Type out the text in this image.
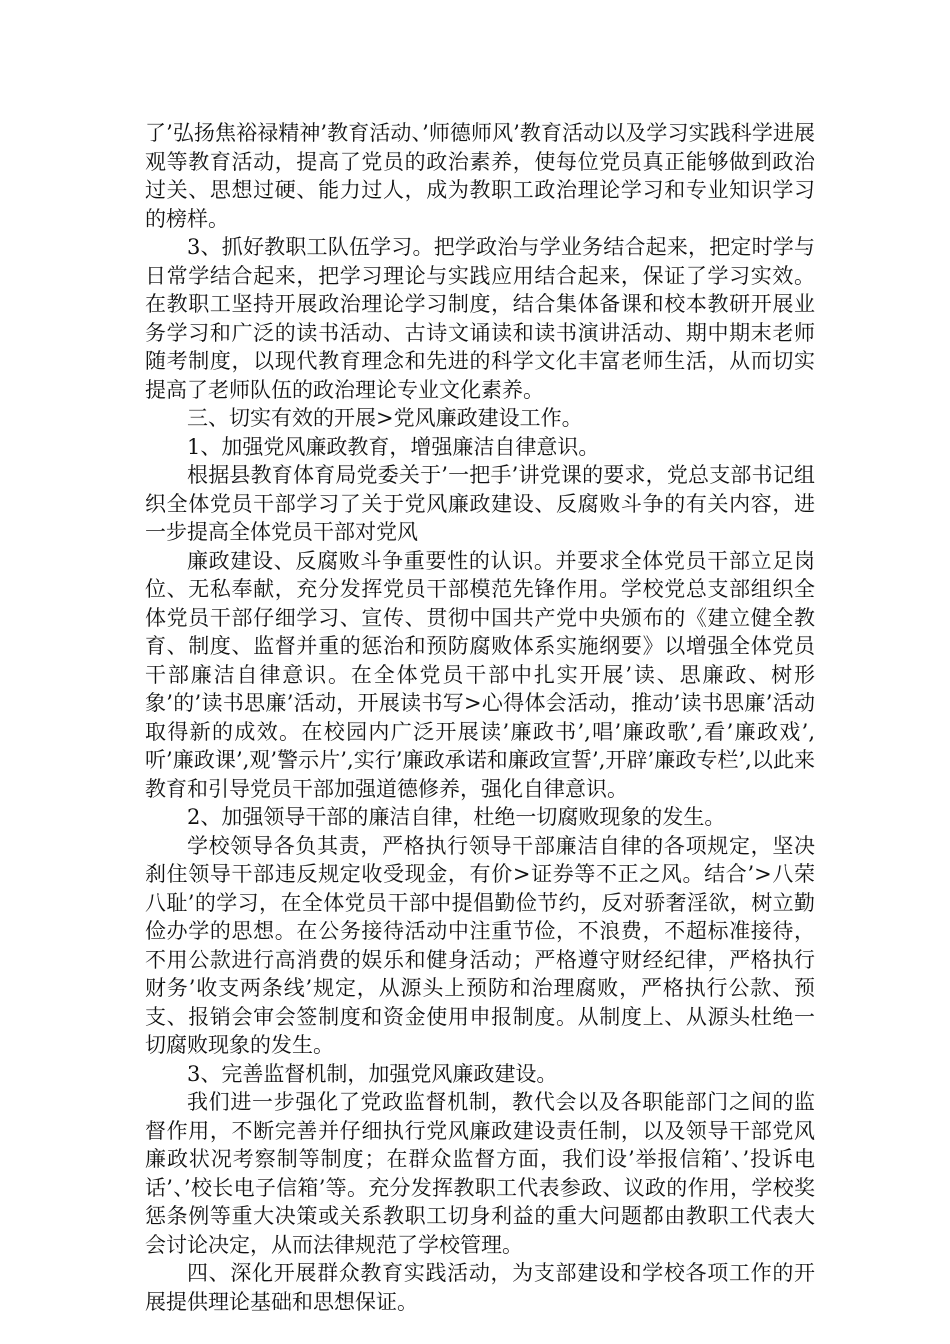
了’弘扬焦裕禄精神’教育活动、’师德师风’教育活动以及学习实践科学进展观等教育活动，提高了党员的政治素养，使每位党员真正能够做到政治过关、思想过硬、能力过人，成为教职工政治理论学习和专业知识学习的榜样。

3、抓好教职工队伍学习。把学政治与学业务结合起来，把定时学与日常学结合起来，把学习理论与实践应用结合起来，保证了学习实效。在教职工坚持开展政治理论学习制度，结合集体备课和校本教研开展业务学习和广泛的读书活动、古诗文诵读和读书演讲活动、期中期末老师随考制度，以现代教育理念和先进的科学文化丰富老师生活，从而切实提高了老师队伍的政治理论专业文化素养。

三、切实有效的开展>党风廉政建设工作。

1、加强党风廉政教育，增强廉洁自律意识。

根据县教育体育局党委关于’一把手’讲党课的要求，党总支部书记组织全体党员干部学习了关于党风廉政建设、反腐败斗争的有关内容，进一步提高全体党员干部对党风

廉政建设、反腐败斗争重要性的认识。并要求全体党员干部立足岗位、无私奉献，充分发挥党员干部模范先锋作用。学校党总支部组织全体党员干部仔细学习、宣传、贯彻中国共产党中央颁布的《建立健全教育、制度、监督并重的惩治和预防腐败体系实施纲要》以增强全体党员干部廉洁自律意识。在全体党员干部中扎实开展’读、思廉政、树形象’的’读书思廉’活动，开展读书写>心得体会活动，推动’读书思廉’活动取得新的成效。在校园内广泛开展读’廉政书’,唱’廉政歌’,看’廉政戏’,听’廉政课’,观’警示片’,实行’廉政承诺和廉政宣誓’,开辟’廉政专栏’,以此来教育和引导党员干部加强道德修养，强化自律意识。

2、加强领导干部的廉洁自律，杜绝一切腐败现象的发生。

学校领导各负其责，严格执行领导干部廉洁自律的各项规定，坚决刹住领导干部违反规定收受现金，有价>证券等不正之风。结合’>八荣八耻’的学习，在全体党员干部中提倡勤俭节约，反对骄奢淫欲，树立勤俭办学的思想。在公务接待活动中注重节俭，不浪费，不超标准接待，不用公款进行高消费的娱乐和健身活动；严格遵守财经纪律，严格执行财务’收支两条线’规定，从源头上预防和治理腐败，严格执行公款、预支、报销会审会签制度和资金使用申报制度。从制度上、从源头杜绝一切腐败现象的发生。

3、完善监督机制，加强党风廉政建设。

我们进一步强化了党政监督机制，教代会以及各职能部门之间的监督作用，不断完善并仔细执行党风廉政建设责任制，以及领导干部党风廉政状况考察制等制度；在群众监督方面，我们设’举报信箱’、’投诉电话’、’校长电子信箱’等。充分发挥教职工代表参政、议政的作用，学校奖惩条例等重大决策或关系教职工切身利益的重大问题都由教职工代表大会讨论决定，从而法律规范了学校管理。

四、深化开展群众教育实践活动，为支部建设和学校各项工作的开展提供理论基础和思想保证。
